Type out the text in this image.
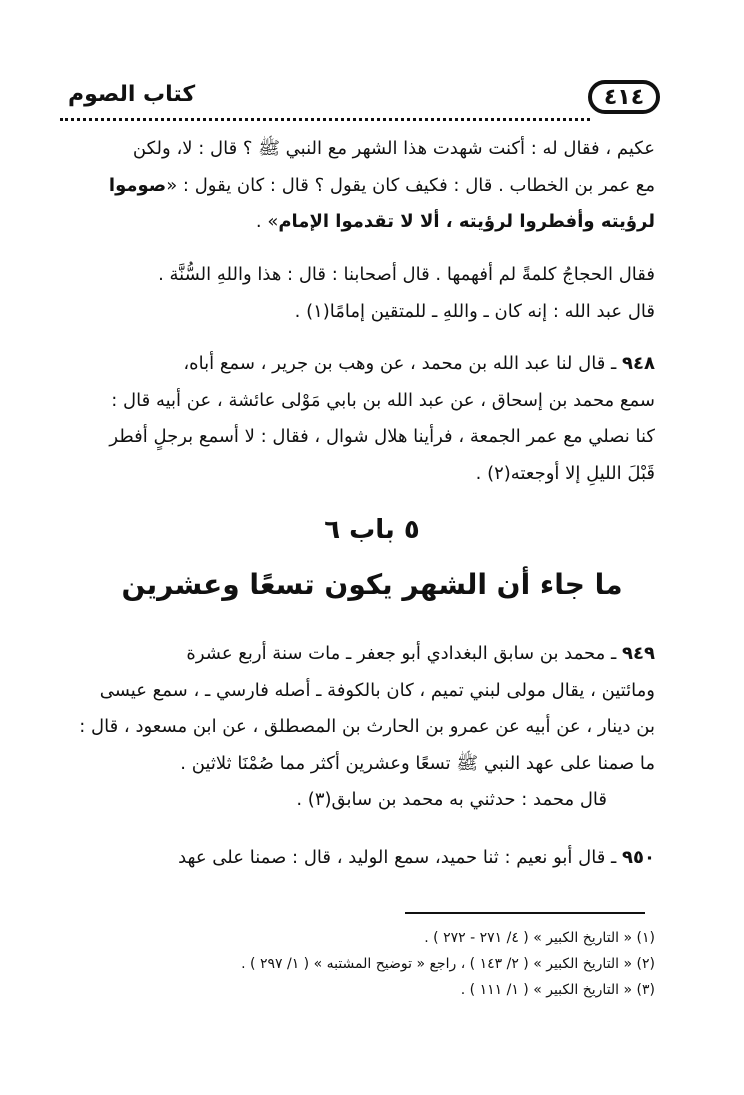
٤١٤
كتاب الصوم

عكيم ، فقال له : أكنت شهدت هذا الشهر مع النبي ﷺ ؟ قال : لا، ولكن

مع عمر بن الخطاب . قال : فكيف كان يقول ؟ قال : كان يقول : «صوموا

لرؤيته وأفطروا لرؤيته ، ألا لا تقدموا الإمام» .

فقال الحجاجُ كلمةً لم أفهمها . قال أصحابنا : قال : هذا واللهِ السُّنَّة .

قال عبد الله : إنه كان ـ واللهِ ـ للمتقين إمامًا(١) .

٩٤٨ ـ قال لنا عبد الله بن محمد ، عن وهب بن جرير ، سمع أباه،

سمع محمد بن إسحاق ، عن عبد الله بن بابي مَوْلى عائشة ، عن أبيه قال :

كنا نصلي مع عمر الجمعة ، فرأينا هلال شوال ، فقال : لا أسمع برجلٍ أفطر

قَبْلَ الليلِ إلا أوجعته(٢) .

٥ باب ٦
ما جاء أن الشهر يكون تسعًا وعشرين

٩٤٩ ـ محمد بن سابق البغدادي أبو جعفر ـ مات سنة أربع عشرة

ومائتين ، يقال مولى لبني تميم ، كان بالكوفة ـ أصله فارسي ـ ، سمع عيسى

بن دينار ، عن أبيه عن عمرو بن الحارث بن المصطلق ، عن ابن مسعود ، قال :

ما صمنا على عهد النبي ﷺ تسعًا وعشرين أكثر مما صُمْنَا ثلاثين .

قال محمد : حدثني به محمد بن سابق(٣) .

٩٥٠ ـ قال أبو نعيم : ثنا حميد، سمع الوليد ، قال : صمنا على عهد

(١) « التاريخ الكبير » ( ٤/ ٢٧١ - ٢٧٢ ) .
(٢) « التاريخ الكبير » ( ٢/ ١٤٣ ) ، راجع « توضيح المشتبه » ( ١/ ٢٩٧ ) .
(٣) « التاريخ الكبير » ( ١/ ١١١ ) .
